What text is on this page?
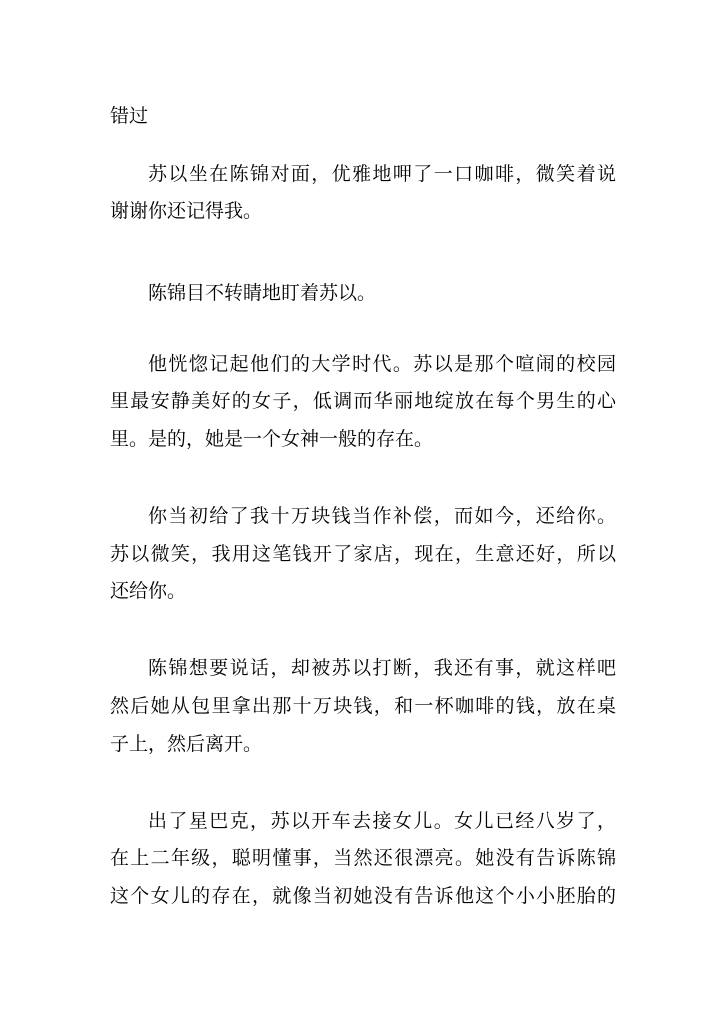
错过
苏以坐在陈锦对面，优雅地呷了一口咖啡，微笑着说
谢谢你还记得我。
陈锦目不转睛地盯着苏以。
他恍惚记起他们的大学时代。苏以是那个喧闹的校园
里最安静美好的女子，低调而华丽地绽放在每个男生的心
里。是的，她是一个女神一般的存在。
你当初给了我十万块钱当作补偿，而如今，还给你。
苏以微笑，我用这笔钱开了家店，现在，生意还好，所以
还给你。
陈锦想要说话，却被苏以打断，我还有事，就这样吧
然后她从包里拿出那十万块钱，和一杯咖啡的钱，放在桌
子上，然后离开。
出了星巴克，苏以开车去接女儿。女儿已经八岁了，
在上二年级，聪明懂事，当然还很漂亮。她没有告诉陈锦
这个女儿的存在，就像当初她没有告诉他这个小小胚胎的
